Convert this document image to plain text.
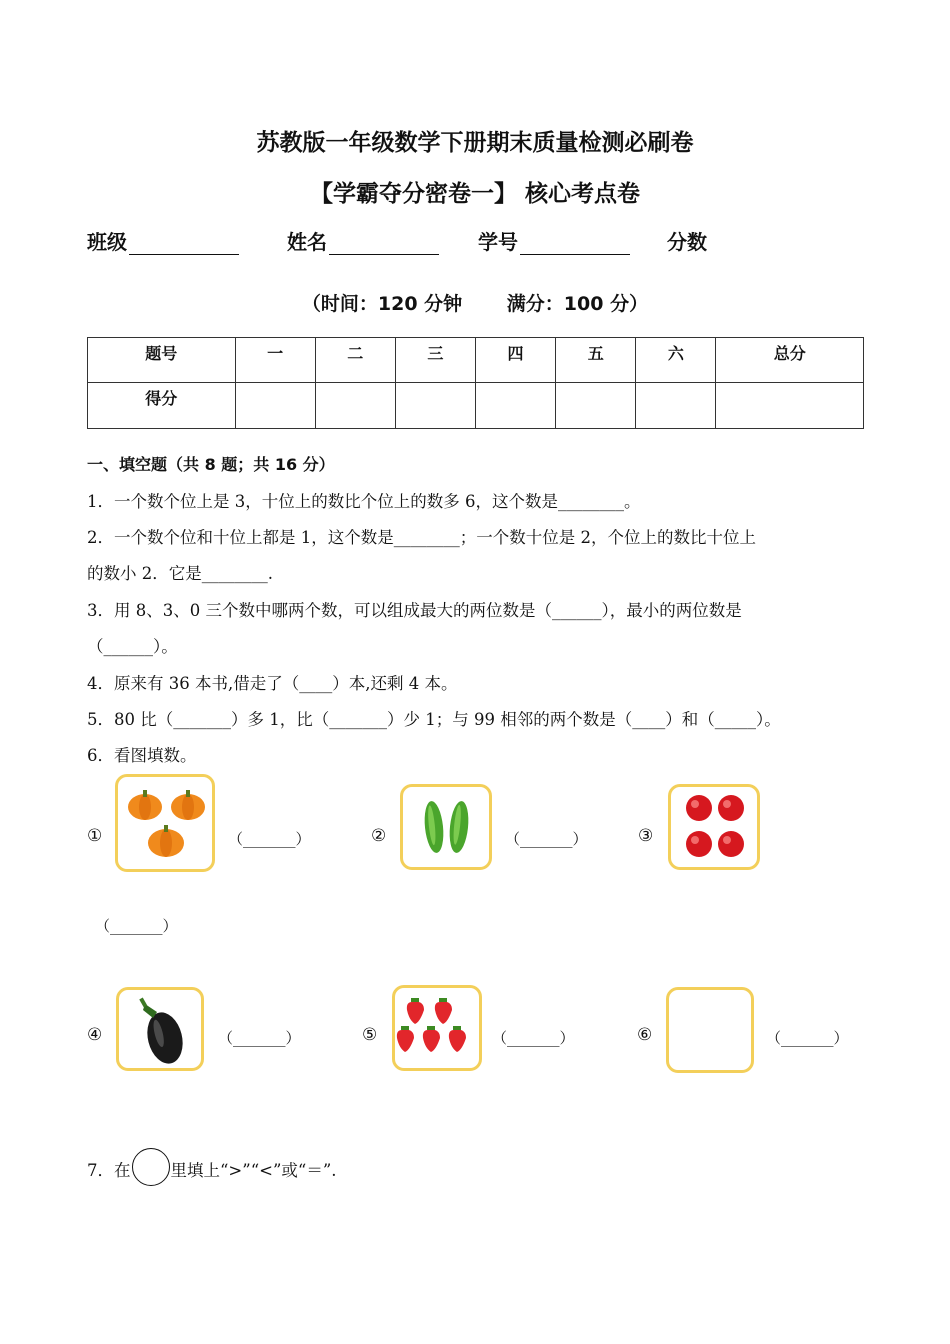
苏教版一年级数学下册期末质量检测必刷卷
【学霸夺分密卷一】 核心考点卷
班级	姓名	学号	分数
（时间：120 分钟　　 满分：100 分）
题号	一	二	三	四	五	六	总分
得分							
一、填空题（共 8 题；共 16 分）
1．一个数个位上是 3，十位上的数比个位上的数多 6，这个数是________。
2．一个数个位和十位上都是 1，这个数是________；一个数十位是 2，个位上的数比十位上
的数小 2．它是________.
3．用 8、3、0 三个数中哪两个数，可以组成最大的两位数是（______），最小的两位数是
（______）。
4．原来有 36 本书,借走了（____）本,还剩 4 本。
5．80 比（_______）多 1，比（_______）少 1；与 99 相邻的两个数是（____）和（_____）。
6．看图填数。
①	（_______）	②	（_______）	③
（_______）
④	（_______）	⑤	（_______）	⑥	（_______）
7．在 里填上“>”“<”或“＝”.
